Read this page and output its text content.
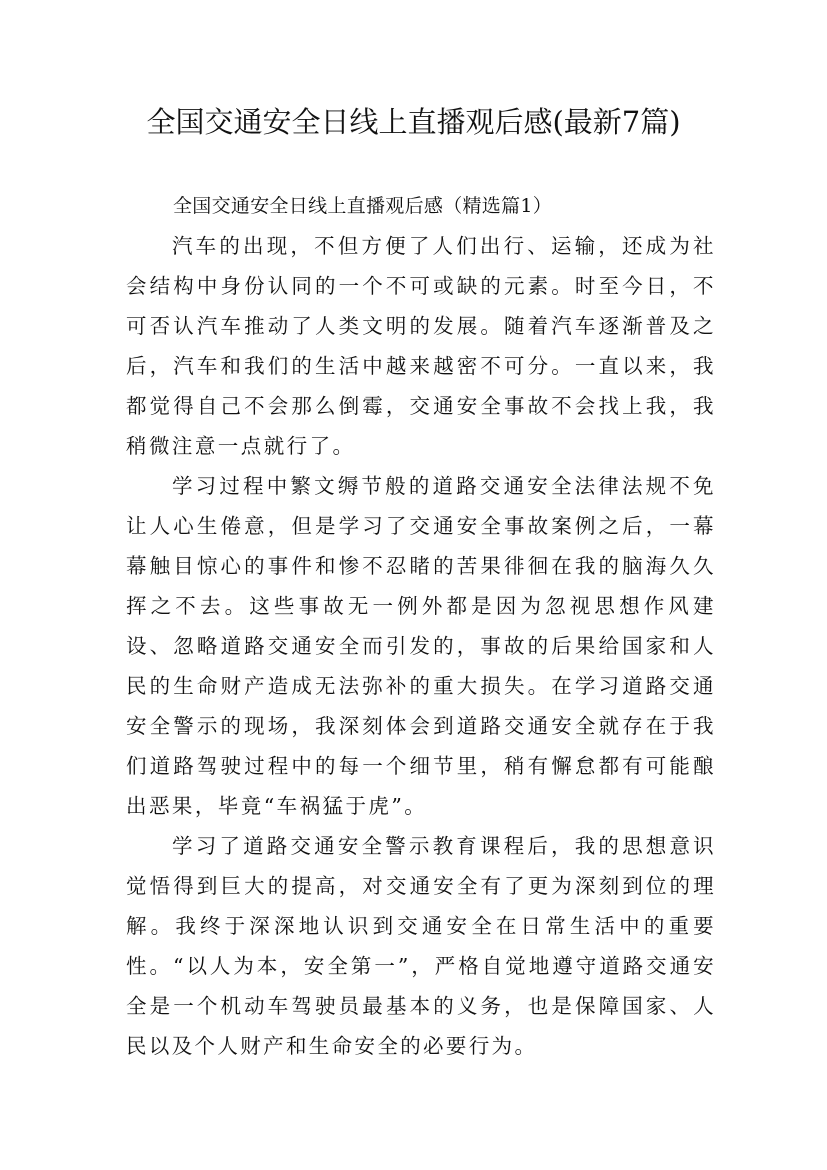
全国交通安全日线上直播观后感(最新7篇)

全国交通安全日线上直播观后感（精选篇1）

汽车的出现，不但方便了人们出行、运输，还成为社会结构中身份认同的一个不可或缺的元素。时至今日，不可否认汽车推动了人类文明的发展。随着汽车逐渐普及之后，汽车和我们的生活中越来越密不可分。一直以来，我都觉得自己不会那么倒霉，交通安全事故不会找上我，我稍微注意一点就行了。

学习过程中繁文缛节般的道路交通安全法律法规不免让人心生倦意，但是学习了交通安全事故案例之后，一幕幕触目惊心的事件和惨不忍睹的苦果徘徊在我的脑海久久挥之不去。这些事故无一例外都是因为忽视思想作风建设、忽略道路交通安全而引发的，事故的后果给国家和人民的生命财产造成无法弥补的重大损失。在学习道路交通安全警示的现场，我深刻体会到道路交通安全就存在于我们道路驾驶过程中的每一个细节里，稍有懈怠都有可能酿出恶果，毕竟“车祸猛于虎”。

学习了道路交通安全警示教育课程后，我的思想意识觉悟得到巨大的提高，对交通安全有了更为深刻到位的理解。我终于深深地认识到交通安全在日常生活中的重要性。“以人为本，安全第一”，严格自觉地遵守道路交通安全是一个机动车驾驶员最基本的义务，也是保障国家、人民以及个人财产和生命安全的必要行为。
